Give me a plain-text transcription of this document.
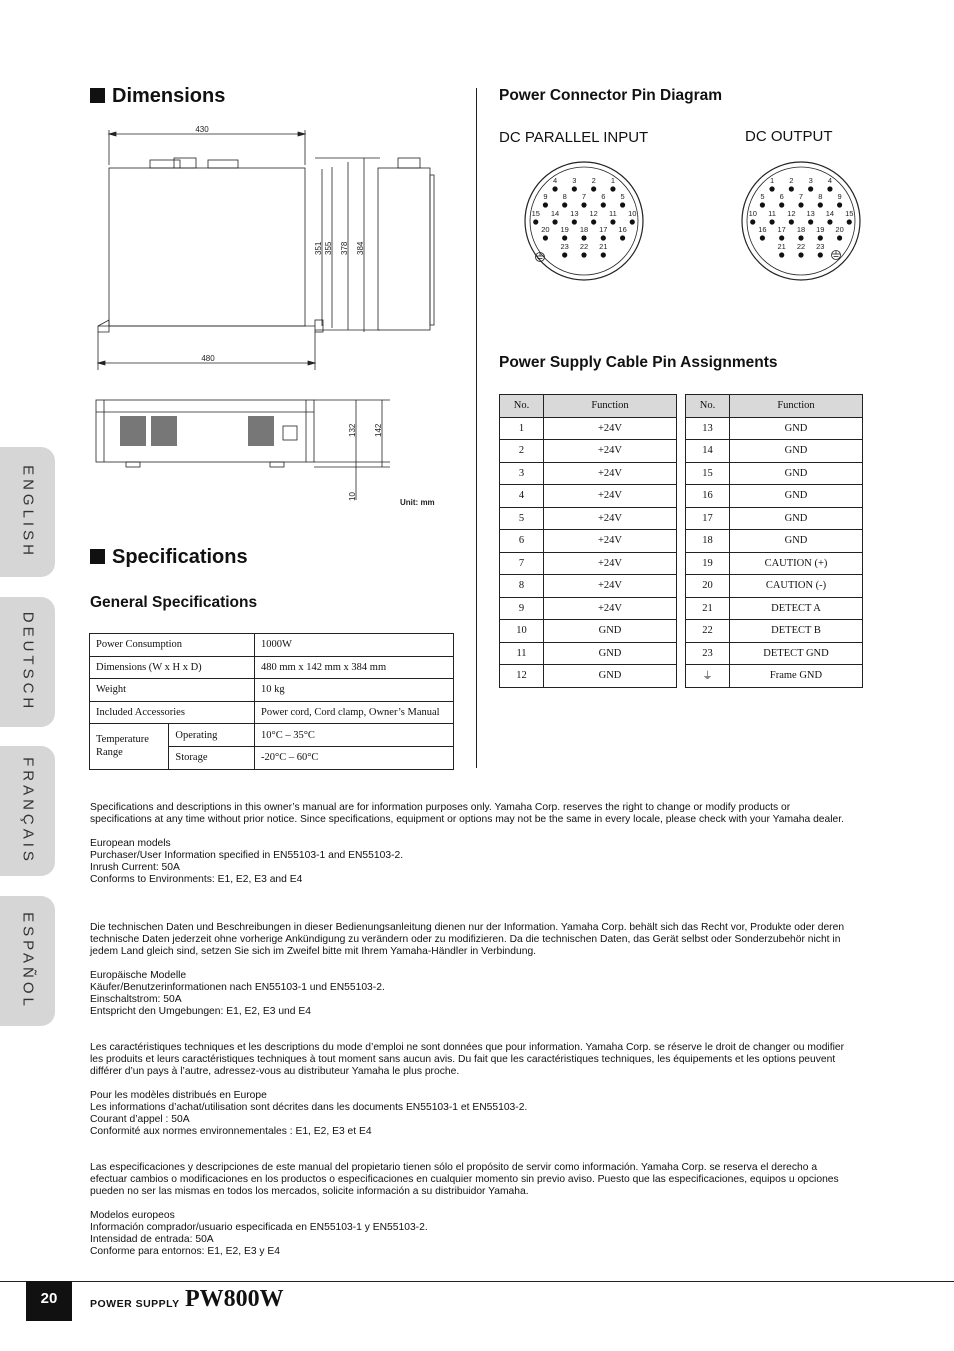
ENGLISH
DEUTSCH
FRANÇAIS
ESPAÑOL
Dimensions	Power Connector Pin Diagram
DC PARALLEL INPUT	DC OUTPUT
Power Supply Cable Pin Assignments
430
480
351 355 378 384
132 142
10
Unit: mm
4 3 2 1
9 8 7 6 5
15 14 13 12 11 10
20 19 18 17 16
23 22 21
1 2 3 4
5 6 7 8 9
10 11 12 13 14 15
16 17 18 19 20
21 22 23
No.	Function
1	+24V
2	+24V
3	+24V
4	+24V
5	+24V
6	+24V
7	+24V
8	+24V
9	+24V
10	GND
11	GND
12	GND
No.	Function
13	GND
14	GND
15	GND
16	GND
17	GND
18	GND
19	CAUTION (+)
20	CAUTION (-)
21	DETECT A
22	DETECT B
23	DETECT GND
⏚	Frame GND
Specifications
General Specifications
Power Consumption		1000W
Dimensions (W x H x D)		480 mm x 142 mm x 384 mm
Weight		10 kg
Included Accessories		Power cord, Cord clamp, Owner’s Manual
Temperature Range	Operating	10°C – 35°C
	Storage	-20°C – 60°C

Specifications and descriptions in this owner’s manual are for information purposes only. Yamaha Corp. reserves the right to change or modify products or specifications at any time without prior notice. Since specifications, equipment or options may not be the same in every locale, please check with your Yamaha dealer.

European models

Purchaser/User Information specified in EN55103-1 and EN55103-2.

Inrush Current: 50A

Conforms to Environments: E1, E2, E3 and E4

Die technischen Daten und Beschreibungen in dieser Bedienungsanleitung dienen nur der Information. Yamaha Corp. behält sich das Recht vor, Produkte oder deren technische Daten jederzeit ohne vorherige Ankündigung zu verändern oder zu modifizieren. Da die technischen Daten, das Gerät selbst oder Sonderzubehör nicht in jedem Land gleich sind, setzen Sie sich im Zweifel bitte mit Ihrem Yamaha-Händler in Verbindung.

Europäische Modelle

Käufer/Benutzerinformationen nach EN55103-1 und EN55103-2.

Einschaltstrom: 50A

Entspricht den Umgebungen: E1, E2, E3 und E4

Les caractéristiques techniques et les descriptions du mode d’emploi ne sont données que pour information. Yamaha Corp. se réserve le droit de changer ou modifier les produits et leurs caractéristiques techniques à tout moment sans aucun avis. Du fait que les caractéristiques techniques, les équipements et les options peuvent différer d’un pays à l’autre, adressez-vous au distributeur Yamaha le plus proche.

Pour les modèles distribués en Europe

Les informations d’achat/utilisation sont décrites dans les documents EN55103-1 et EN55103-2.

Courant d’appel : 50A

Conformité aux normes environnementales : E1, E2, E3 et E4

Las especificaciones y descripciones de este manual del propietario tienen sólo el propósito de servir como información. Yamaha Corp. se reserva el derecho a efectuar cambios o modificaciones en los productos o especificaciones en cualquier momento sin previo aviso. Puesto que las especificaciones, equipos u opciones pueden no ser las mismas en todos los mercados, solicite información a su distribuidor Yamaha.

Modelos europeos

Información comprador/usuario especificada en EN55103-1 y EN55103-2.

Intensidad de entrada: 50A

Conforme para entornos: E1, E2, E3 y E4

20	POWER SUPPLY PW800W
